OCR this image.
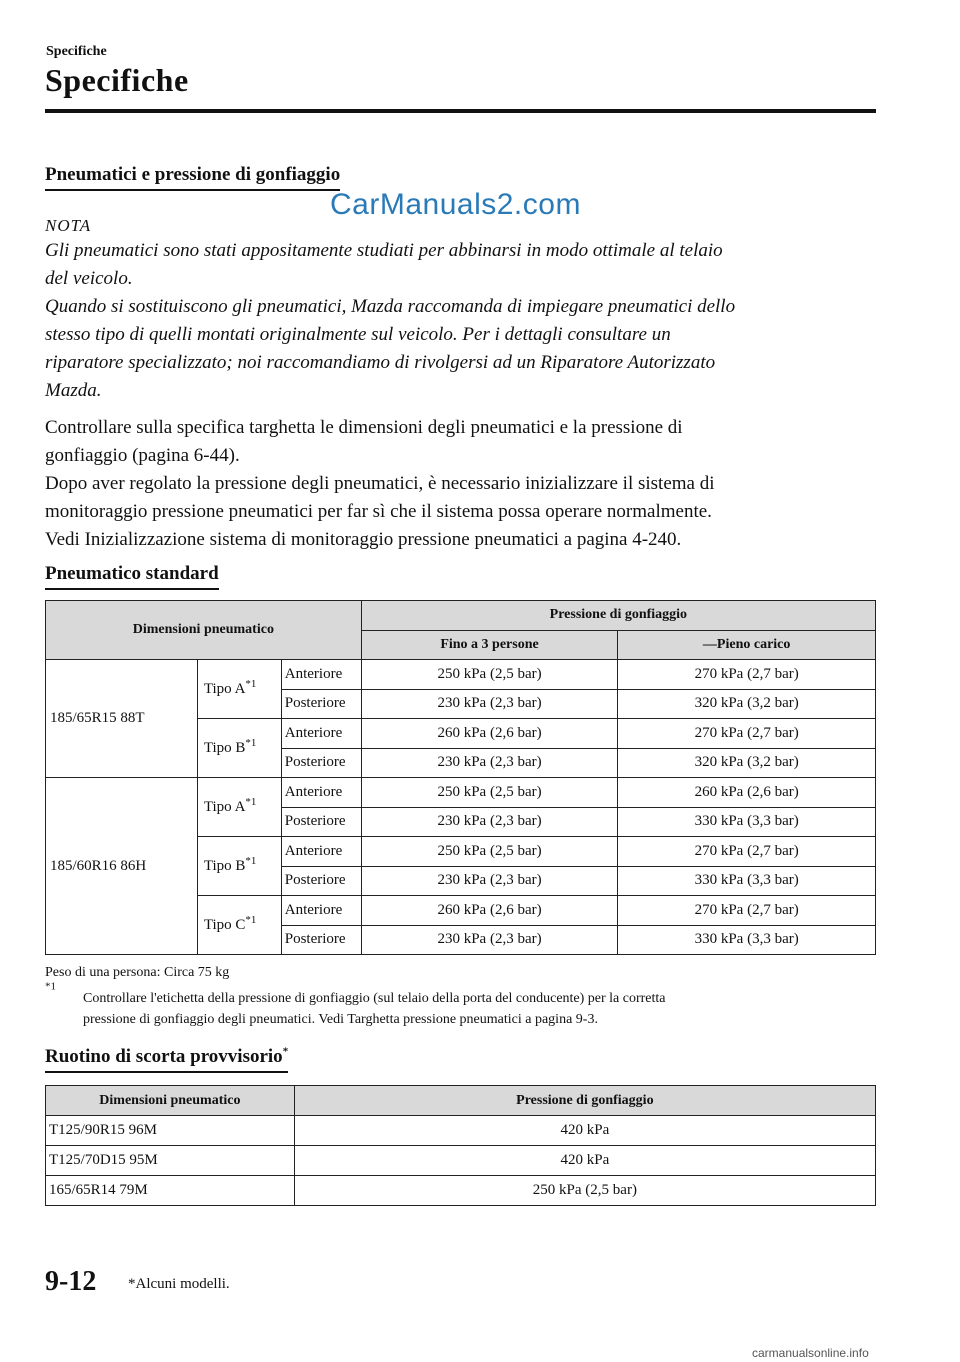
Specifiche
Specifiche
Pneumatici e pressione di gonfiaggio
CarManuals2.com
NOTA
Gli pneumatici sono stati appositamente studiati per abbinarsi in modo ottimale al telaio
del veicolo.
Quando si sostituiscono gli pneumatici, Mazda raccomanda di impiegare pneumatici dello
stesso tipo di quelli montati originalmente sul veicolo. Per i dettagli consultare un
riparatore specializzato; noi raccomandiamo di rivolgersi ad un Riparatore Autorizzato
Mazda.
Controllare sulla specifica targhetta le dimensioni degli pneumatici e la pressione di
gonfiaggio (pagina 6-44).
Dopo aver regolato la pressione degli pneumatici, è necessario inizializzare il sistema di
monitoraggio pressione pneumatici per far sì che il sistema possa operare normalmente.
Vedi Inizializzazione sistema di monitoraggio pressione pneumatici a pagina 4-240.
Pneumatico standard
Dimensioni pneumatico			Pressione di gonfiaggio	
			Fino a 3 persone	―Pieno carico
185/65R15 88T	Tipo $A^{*1}$	Anteriore	250 kPa (2,5 bar)	270 kPa (2,7 bar)
		Posteriore	230 kPa (2,3 bar)	320 kPa (3,2 bar)
	Tipo $B^{*1}$	Anteriore	260 kPa (2,6 bar)	270 kPa (2,7 bar)
		Posteriore	230 kPa (2,3 bar)	320 kPa (3,2 bar)
185/60R16 86H	Tipo $A^{*1}$	Anteriore	250 kPa (2,5 bar)	260 kPa (2,6 bar)
		Posteriore	230 kPa (2,3 bar)	330 kPa (3,3 bar)
	Tipo $B^{*1}$	Anteriore	250 kPa (2,5 bar)	270 kPa (2,7 bar)
		Posteriore	230 kPa (2,3 bar)	330 kPa (3,3 bar)
	Tipo $C^{*1}$	Anteriore	260 kPa (2,6 bar)	270 kPa (2,7 bar)
		Posteriore	230 kPa (2,3 bar)	330 kPa (3,3 bar)
Peso di una persona: Circa 75 kg
$^{*1}$
Controllare l'etichetta della pressione di gonfiaggio (sul telaio della porta del conducente) per la corretta
pressione di gonfiaggio degli pneumatici. Vedi Targhetta pressione pneumatici a pagina 9-3.
Ruotino di scorta provvisorio*
Dimensioni pneumatico	Pressione di gonfiaggio
T125/90R15 96M	420 kPa
T125/70D15 95M	420 kPa
165/65R14 79M	250 kPa (2,5 bar)
9-12 *Alcuni modelli.
carmanualsonline.info
